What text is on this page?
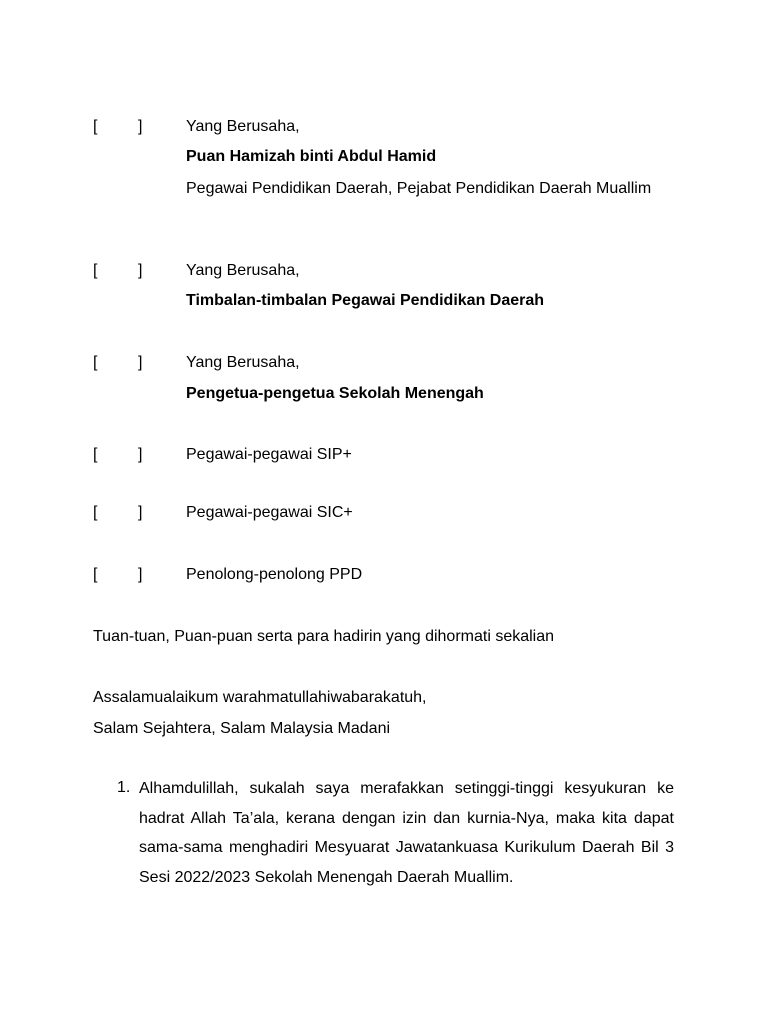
[	]	Yang Berusaha,
Puan Hamizah binti Abdul Hamid
Pegawai Pendidikan Daerah, Pejabat Pendidikan Daerah Muallim
[	]	Yang Berusaha,
Timbalan-timbalan Pegawai Pendidikan Daerah
[	]	Yang Berusaha,
Pengetua-pengetua Sekolah Menengah
[	]	Pegawai-pegawai SIP+
[	]	Pegawai-pegawai SIC+
[	]	Penolong-penolong PPD
Tuan-tuan, Puan-puan serta para hadirin yang dihormati sekalian
Assalamualaikum warahmatullahiwabarakatuh,
Salam Sejahtera, Salam Malaysia Madani
1. Alhamdulillah, sukalah saya merafakkan setinggi-tinggi kesyukuran ke hadrat Allah Ta’ala, kerana dengan izin dan kurnia-Nya, maka kita dapat sama-sama menghadiri Mesyuarat Jawatankuasa Kurikulum Daerah Bil 3 Sesi 2022/2023 Sekolah Menengah Daerah Muallim.
